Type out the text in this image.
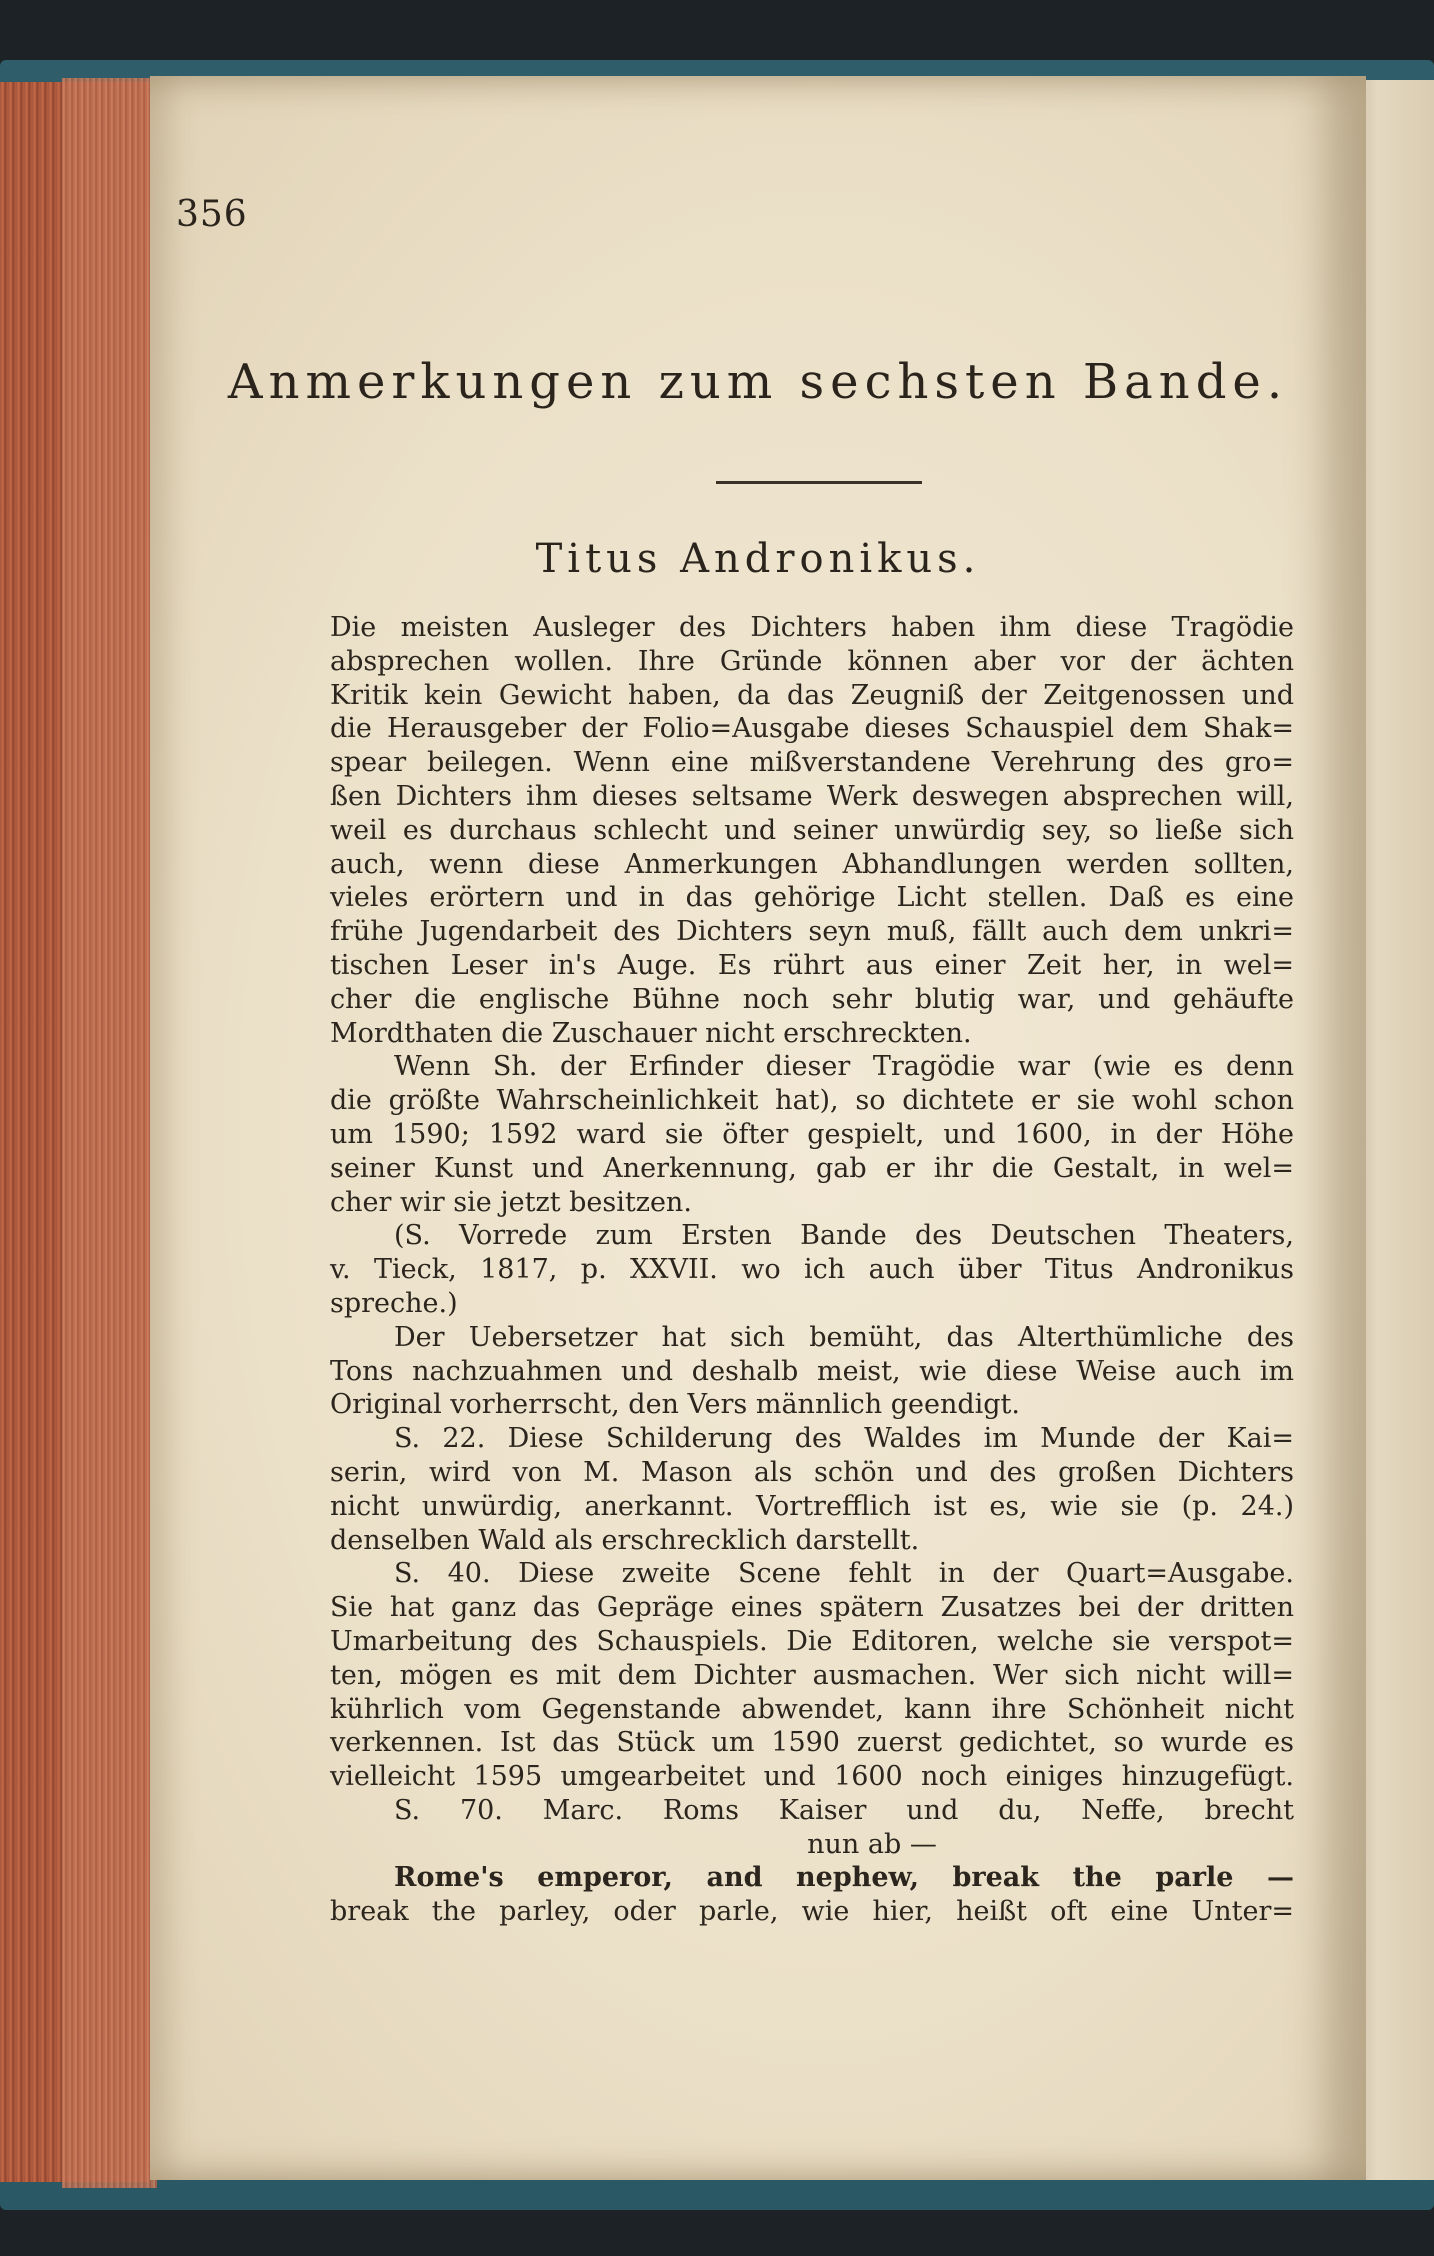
356
Anmerkungen zum sechsten Bande.
Titus Andronikus.
Die meisten Ausleger des Dichters haben ihm diese Tragödie
absprechen wollen. Ihre Gründe können aber vor der ächten
Kritik kein Gewicht haben, da das Zeugniß der Zeitgenossen und
die Herausgeber der Folio=Ausgabe dieses Schauspiel dem Shak=
spear beilegen. Wenn eine mißverstandene Verehrung des gro=
ßen Dichters ihm dieses seltsame Werk deswegen absprechen will,
weil es durchaus schlecht und seiner unwürdig sey, so ließe sich
auch, wenn diese Anmerkungen Abhandlungen werden sollten,
vieles erörtern und in das gehörige Licht stellen. Daß es eine
frühe Jugendarbeit des Dichters seyn muß, fällt auch dem unkri=
tischen Leser in's Auge. Es rührt aus einer Zeit her, in wel=
cher die englische Bühne noch sehr blutig war, und gehäufte
Mordthaten die Zuschauer nicht erschreckten.
Wenn Sh. der Erfinder dieser Tragödie war (wie es denn
die größte Wahrscheinlichkeit hat), so dichtete er sie wohl schon
um 1590; 1592 ward sie öfter gespielt, und 1600, in der Höhe
seiner Kunst und Anerkennung, gab er ihr die Gestalt, in wel=
cher wir sie jetzt besitzen.
(S. Vorrede zum Ersten Bande des Deutschen Theaters,
v. Tieck, 1817, p. XXVII. wo ich auch über Titus Andronikus
spreche.)
Der Uebersetzer hat sich bemüht, das Alterthümliche des
Tons nachzuahmen und deshalb meist, wie diese Weise auch im
Original vorherrscht, den Vers männlich geendigt.
S. 22. Diese Schilderung des Waldes im Munde der Kai=
serin, wird von M. Mason als schön und des großen Dichters
nicht unwürdig, anerkannt. Vortrefflich ist es, wie sie (p. 24.)
denselben Wald als erschrecklich darstellt.
S. 40. Diese zweite Scene fehlt in der Quart=Ausgabe.
Sie hat ganz das Gepräge eines spätern Zusatzes bei der dritten
Umarbeitung des Schauspiels. Die Editoren, welche sie verspot=
ten, mögen es mit dem Dichter ausmachen. Wer sich nicht will=
kührlich vom Gegenstande abwendet, kann ihre Schönheit nicht
verkennen. Ist das Stück um 1590 zuerst gedichtet, so wurde es
vielleicht 1595 umgearbeitet und 1600 noch einiges hinzugefügt.
S. 70. Marc. Roms Kaiser und du, Neffe, brecht
nun ab —
Rome's emperor, and nephew, break the parle —
break the parley, oder parle, wie hier, heißt oft eine Unter=
